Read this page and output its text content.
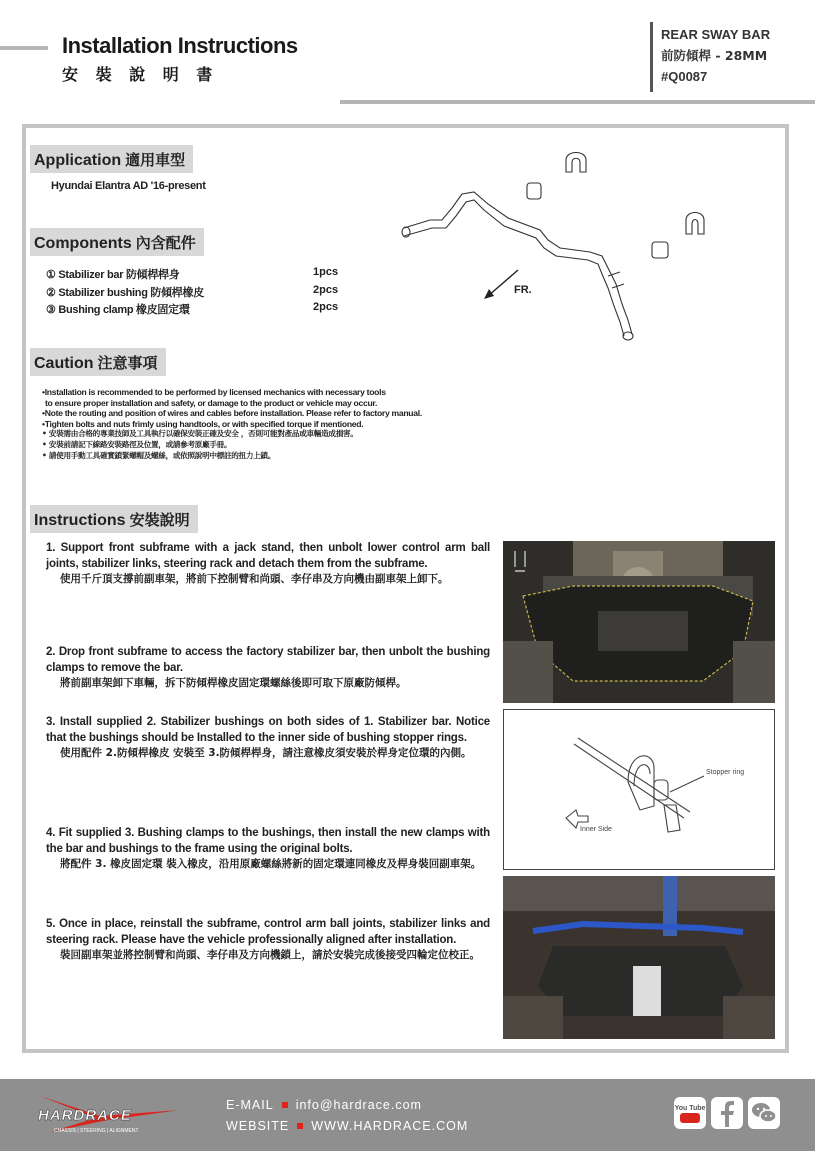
Installation Instructions
安 裝 說 明 書
REAR SWAY BAR
前防傾桿 - 28MM
#Q0087
Application 適用車型
Hyundai Elantra AD '16-present
Components 內含配件
① Stabilizer bar 防傾桿桿身	1pcs
② Stabilizer bushing 防傾桿橡皮	2pcs
③ Bushing clamp 橡皮固定環	2pcs
FR.
Caution 注意事項
•Installation is recommended to be performed by licensed mechanics with necessary tools
to ensure proper installation and safety, or damage to the product or vehicle may occur.
•Note the routing and position of wires and cables before installation. Please refer to factory manual.
•Tighten bolts and nuts frimly using handtools, or with specified torque if mentioned.
• 安裝需由合格的專業技師及工具執行以確保安裝正確及安全 ，否則可能對產品或車輛造成損害。
• 安裝前請記下線路安裝路徑及位置，或請參考原廠手冊。
• 請使用手動工具確實鎖緊螺帽及螺絲，或依照說明中標註的扭力上鎖。
Instructions 安裝說明
1. Support front subframe with a jack stand, then unbolt lower control arm ball joints, stabilizer links, steering rack and detach them from the subframe.
使用千斤頂支撐前副車架，將前下控制臂和尚頭、李仔串及方向機由副車架上卸下。
2. Drop front subframe to access the factory stabilizer bar, then unbolt the bushing clamps to remove the bar.
將前副車架卸下車輛，拆下防傾桿橡皮固定環螺絲後即可取下原廠防傾桿。
3. Install supplied 2. Stabilizer bushings on both sides of 1. Stabilizer bar. Notice that the bushings should be Installed to the inner side of bushing stopper rings.
使用配件 2.防傾桿橡皮 安裝至 3.防傾桿桿身，請注意橡皮須安裝於桿身定位環的內側。
4. Fit supplied 3. Bushing clamps to the bushings, then install the new clamps with the bar and bushings to the frame using the original bolts.
將配件 3. 橡皮固定環 裝入橡皮，沿用原廠螺絲將新的固定環連同橡皮及桿身裝回副車架。
5. Once in place, reinstall the subframe, control arm ball joints, stabilizer links and steering rack. Please have the vehicle professionally aligned after installation.
裝回副車架並將控制臂和尚頭、李仔串及方向機鎖上，請於安裝完成後接受四輪定位校正。
Stopper ring
Inner Side
E-MAIL info@hardrace.com
WEBSITE WWW.HARDRACE.COM
HARDRACE
CHASSIS | STEERING | ALIGNMENT
You Tube
